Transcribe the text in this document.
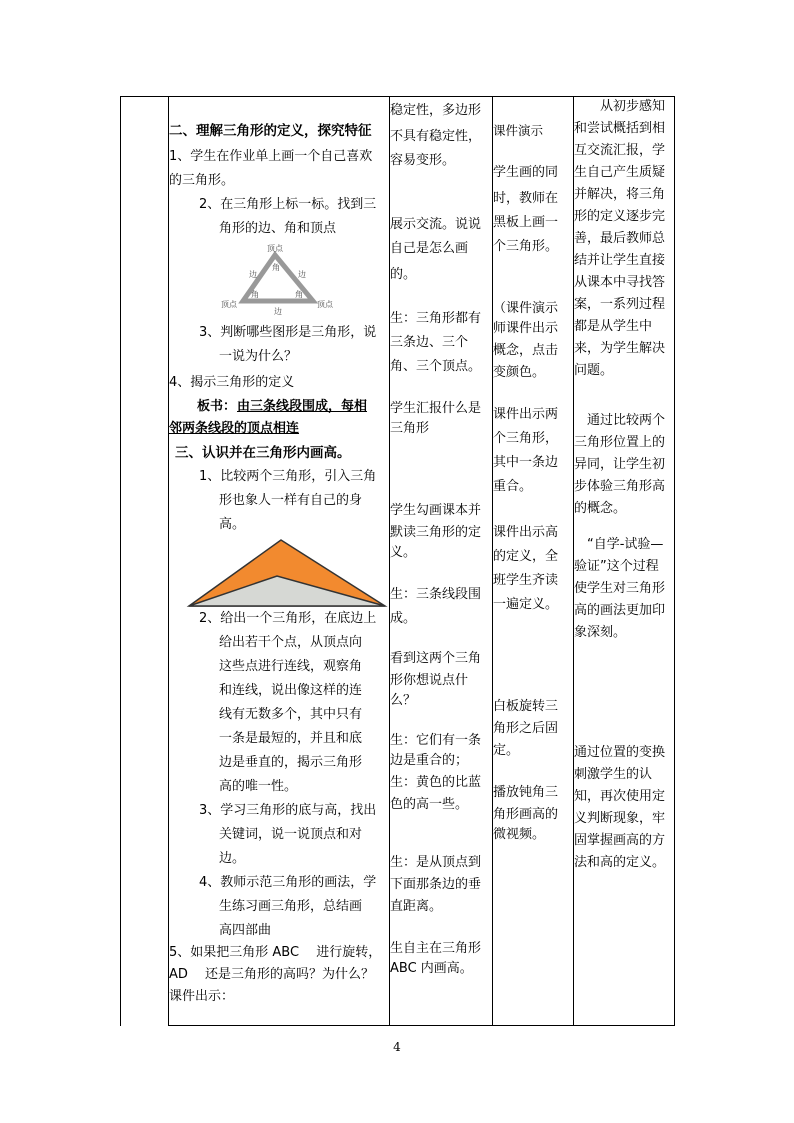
二、理解三角形的定义，探究特征
1、学生在作业单上画一个自己喜欢
的三角形。
2、在三角形上标一标。找到三
角形的边、角和顶点
顶点
边
角
边
顶点
角	角
顶点
边
3、判断哪些图形是三角形，说
一说为什么？
4、揭示三角形的定义
板书： 由三条线段围成，每相
邻两条线段的顶点相连
三、认识并在三角形内画高。
1、比较两个三角形，引入三角
形也象人一样有自己的身
高。
2、给出一个三角形，在底边上
给出若干个点，从顶点向
这些点进行连线，观察角
和连线，说出像这样的连
线有无数多个，其中只有
一条是最短的，并且和底
边是垂直的，揭示三角形
高的唯一性。
3、学习三角形的底与高，找出
关键词，说一说顶点和对
边。
4、教师示范三角形的画法，学
生练习画三角形，总结画
高四部曲
5、如果把三角形 ABC　 进行旋转，
AD　 还是三角形的高吗？为什么？
课件出示：
稳定性，多边形
不具有稳定性，
容易变形。
展示交流。说说
自己是怎么画
的。
生：三角形都有
三条边、三个
角、三个顶点。
学生汇报什么是
三角形
学生勾画课本并
默读三角形的定
义。
生：三条线段围
成。
看到这两个三角
形你想说点什
么？
生：它们有一条
边是重合的；
生：黄色的比蓝
色的高一些。
生：是从顶点到
下面那条边的垂
直距离。
生自主在三角形
ABC 内画高。
课件演示
学生画的同
时，教师在
黑板上画一
个三角形。
（课件演示
师课件出示
概念，点击
变颜色。
课件出示两
个三角形，
其中一条边
重合。
课件出示高
的定义，全
班学生齐读
一遍定义。
白板旋转三
角形之后固
定。
播放钝角三
角形画高的
微视频。
　　从初步感知
和尝试概括到相
互交流汇报，学
生自己产生质疑
并解决，将三角
形的定义逐步完
善，最后教师总
结并让学生直接
从课本中寻找答
案，一系列过程
都是从学生中
来，为学生解决
问题。
　通过比较两个
三角形位置上的
异同，让学生初
步体验三角形高
的概念。
　“自学-试验—
验证”这个过程
使学生对三角形
高的画法更加印
象深刻。
通过位置的变换
刺激学生的认
知，再次使用定
义判断现象，牢
固掌握画高的方
法和高的定义。
4
